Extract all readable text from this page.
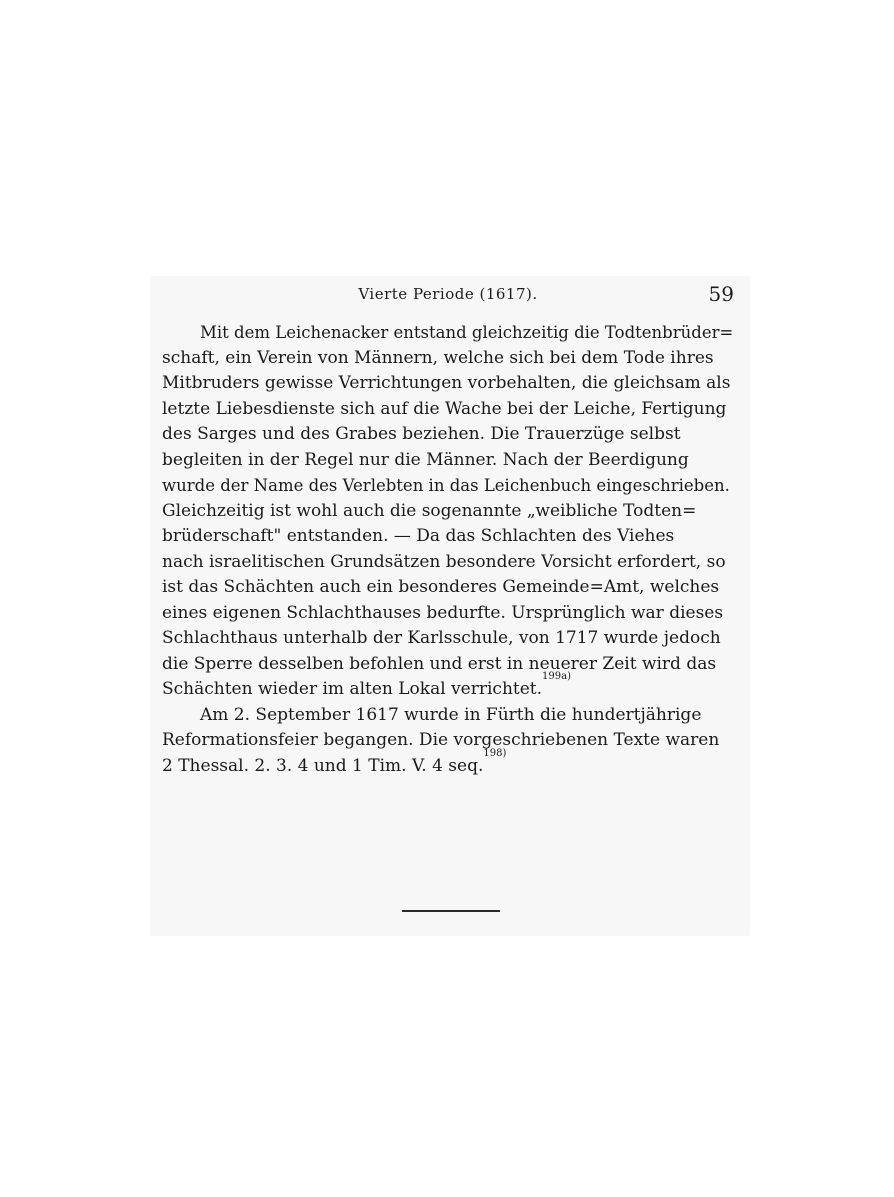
Vierte Periode (1617).	59
Mit dem Leichenacker entstand gleichzeitig die Todtenbrüder=
schaft, ein Verein von Männern, welche sich bei dem Tode ihres
Mitbruders gewisse Verrichtungen vorbehalten, die gleichsam als
letzte Liebesdienste sich auf die Wache bei der Leiche, Fertigung
des Sarges und des Grabes beziehen. Die Trauerzüge selbst
begleiten in der Regel nur die Männer. Nach der Beerdigung
wurde der Name des Verlebten in das Leichenbuch eingeschrieben.
Gleichzeitig ist wohl auch die sogenannte „weibliche Todten=
brüderschaft" entstanden. — Da das Schlachten des Viehes
nach israelitischen Grundsätzen besondere Vorsicht erfordert, so
ist das Schächten auch ein besonderes Gemeinde=Amt, welches
eines eigenen Schlachthauses bedurfte. Ursprünglich war dieses
Schlachthaus unterhalb der Karlsschule, von 1717 wurde jedoch
die Sperre desselben befohlen und erst in neuerer Zeit wird das
Schächten wieder im alten Lokal verrichtet.
199a)
Am 2. September 1617 wurde in Fürth die hundertjährige
Reformationsfeier begangen. Die vorgeschriebenen Texte waren
2 Thessal. 2. 3. 4 und 1 Tim. V. 4 seq.
198)
